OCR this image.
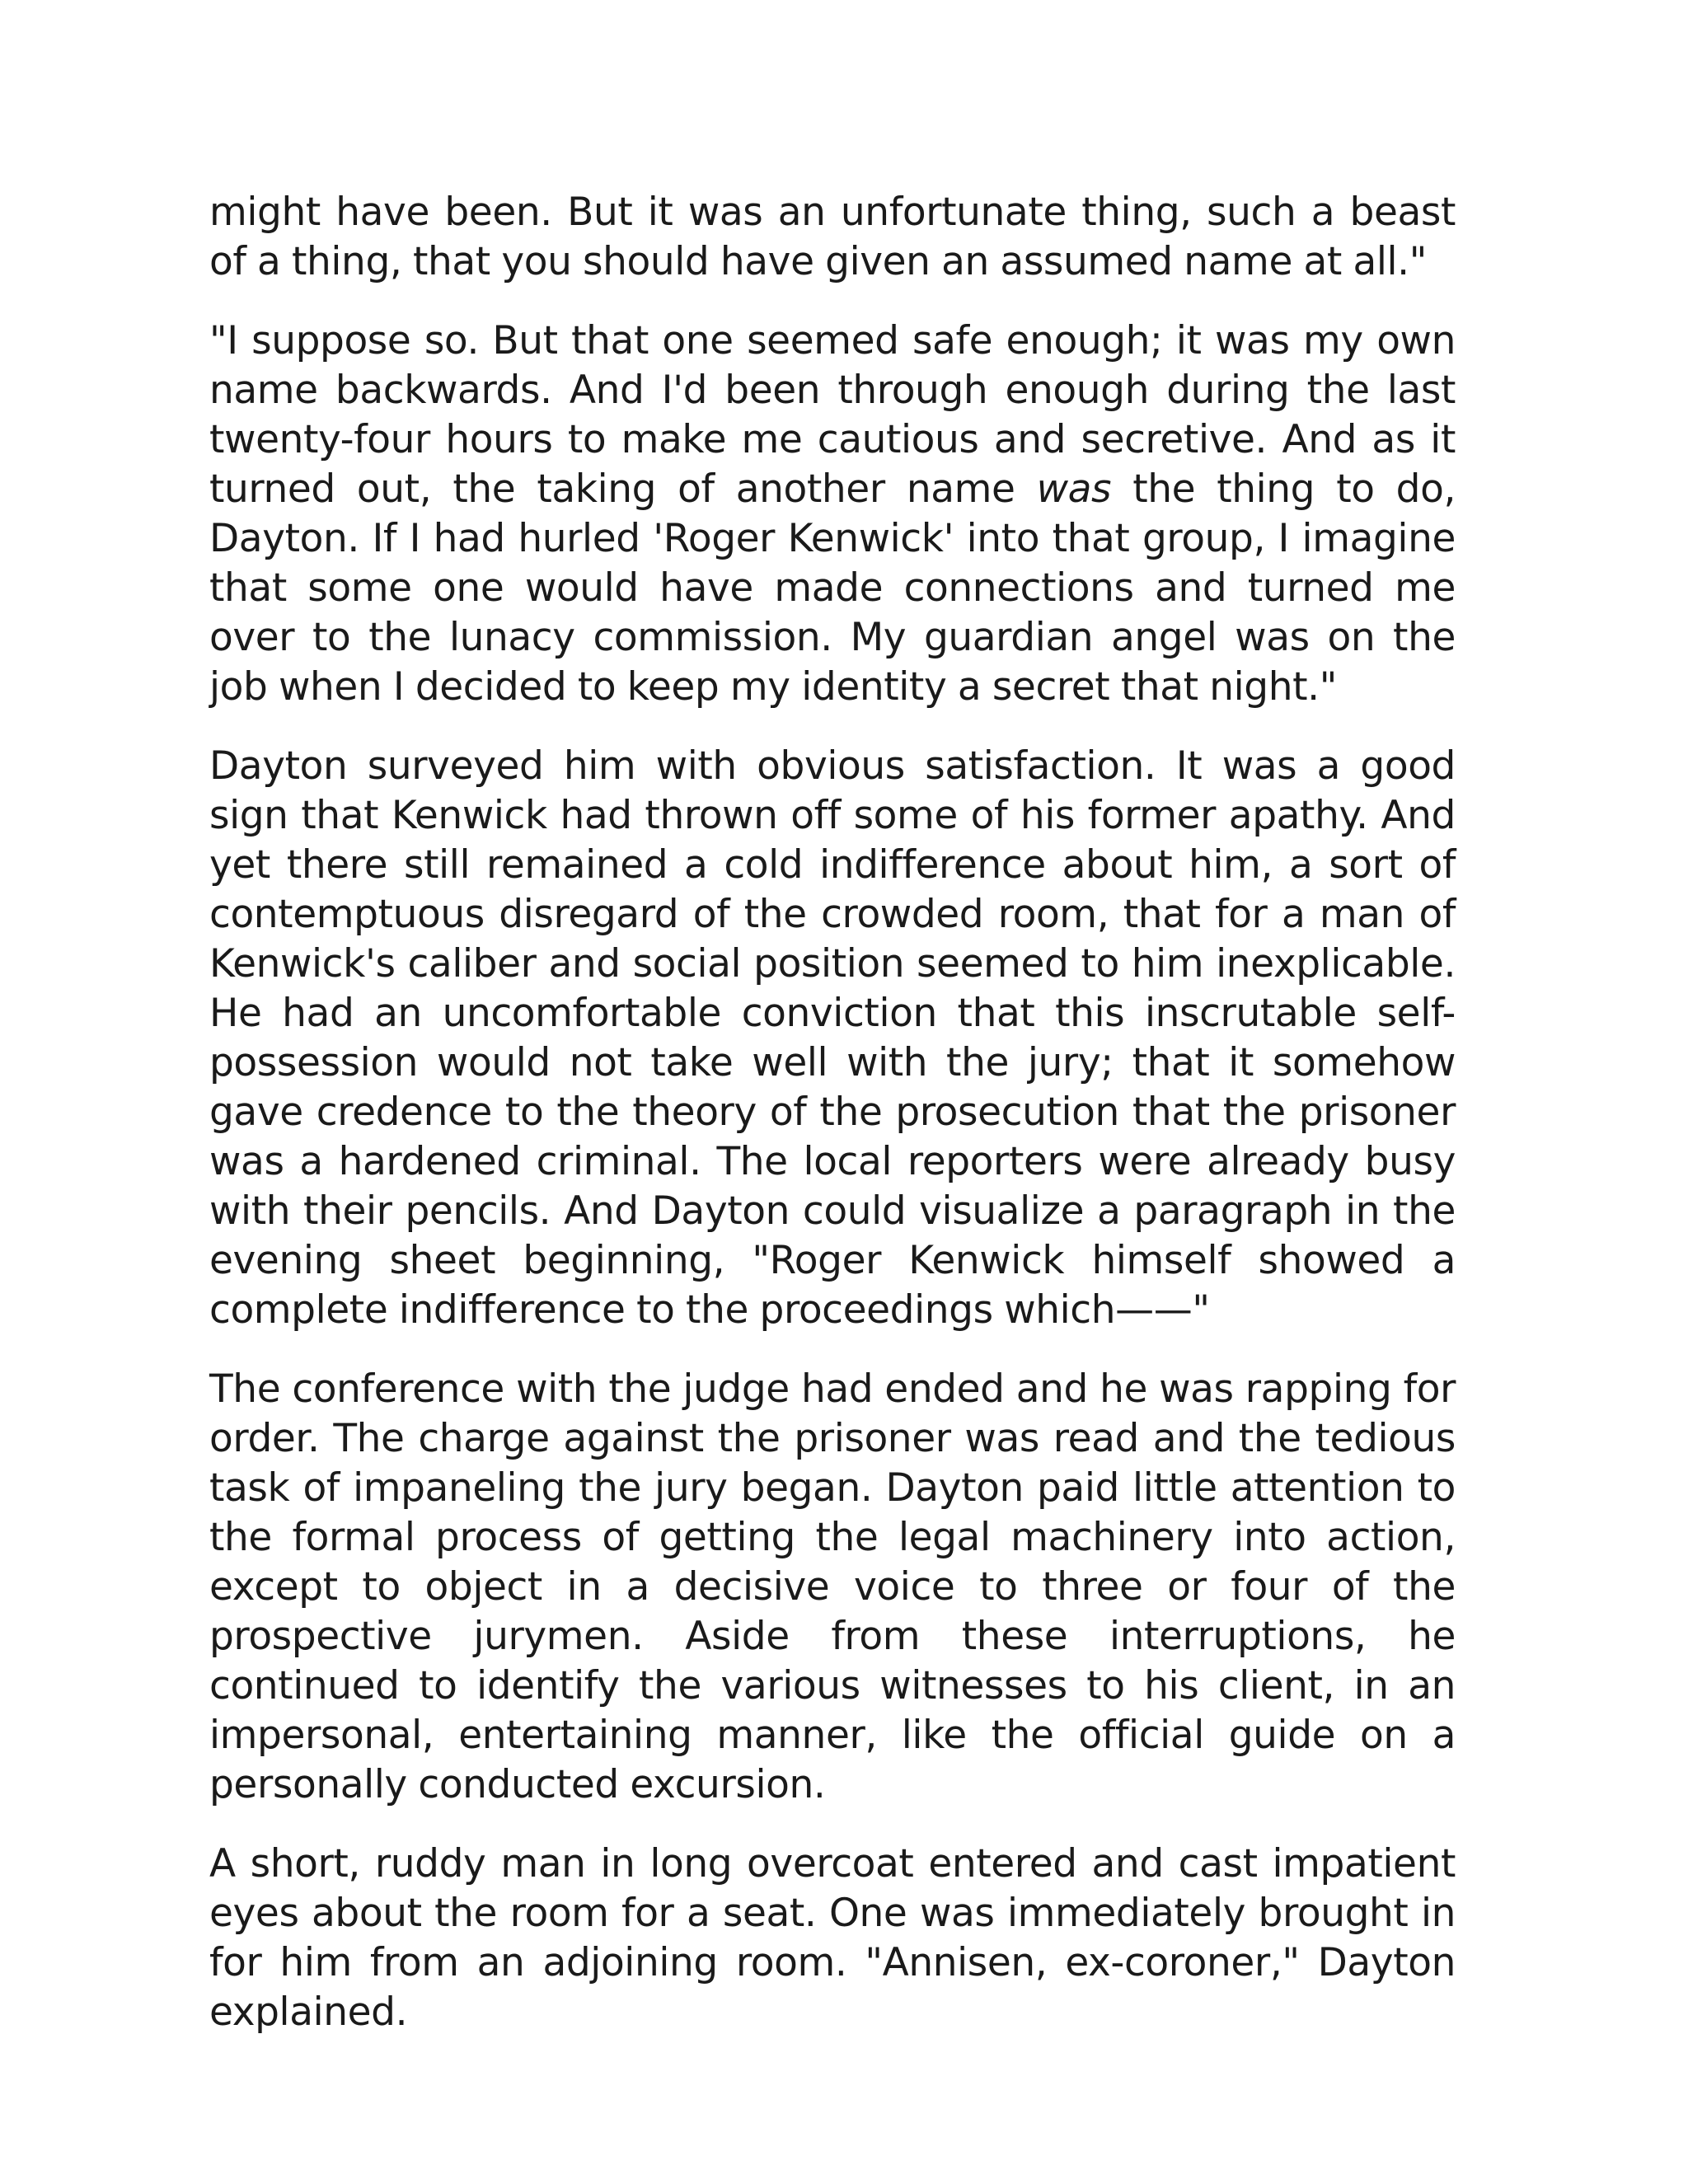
might have been. But it was an unfortunate thing, such a beast of a thing, that you should have given an assumed name at all."

"I suppose so. But that one seemed safe enough; it was my own name backwards. And I'd been through enough during the last twenty-four hours to make me cautious and secretive. And as it turned out, the taking of another name was the thing to do, Dayton. If I had hurled 'Roger Kenwick' into that group, I imagine that some one would have made connections and turned me over to the lunacy commission. My guardian angel was on the job when I decided to keep my identity a secret that night."

Dayton surveyed him with obvious satisfaction. It was a good sign that Kenwick had thrown off some of his former apathy. And yet there still remained a cold indifference about him, a sort of contemptuous disregard of the crowded room, that for a man of Kenwick's caliber and social position seemed to him inexplicable. He had an uncomfortable conviction that this inscrutable self-possession would not take well with the jury; that it somehow gave credence to the theory of the prosecution that the prisoner was a hardened criminal. The local reporters were already busy with their pencils. And Dayton could visualize a paragraph in the evening sheet beginning, "Roger Kenwick himself showed a complete indifference to the proceedings which——"

The conference with the judge had ended and he was rapping for order. The charge against the prisoner was read and the tedious task of impaneling the jury began. Dayton paid little attention to the formal process of getting the legal machinery into action, except to object in a decisive voice to three or four of the prospective jurymen. Aside from these interruptions, he continued to identify the various witnesses to his client, in an impersonal, entertaining manner, like the official guide on a personally conducted excursion.

A short, ruddy man in long overcoat entered and cast impatient eyes about the room for a seat. One was immediately brought in for him from an adjoining room. "Annisen, ex-coroner," Dayton explained.
